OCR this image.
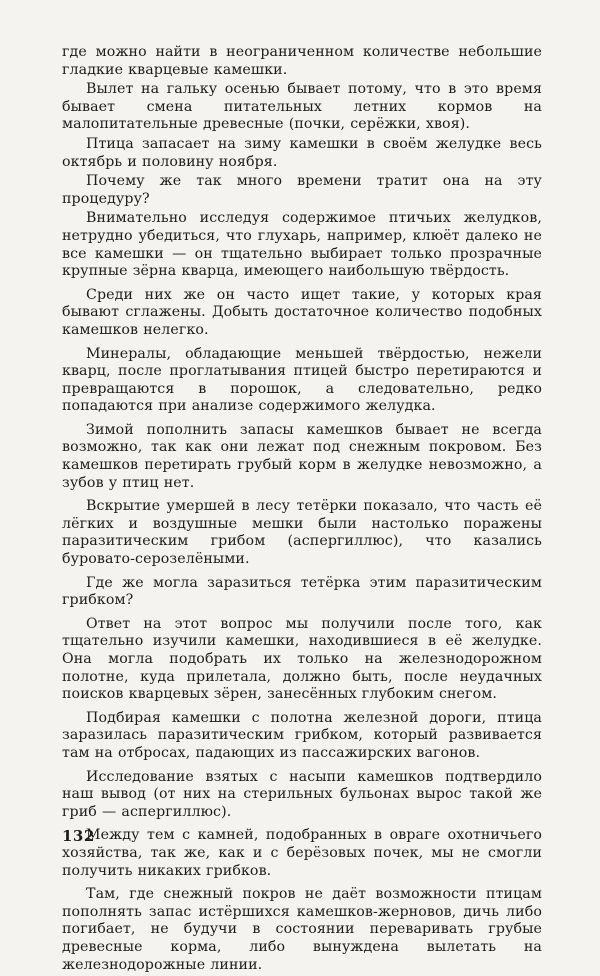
где можно найти в неограниченном количестве небольшие гладкие кварцевые камешки.

Вылет на гальку осенью бывает потому, что в это время бывает смена питательных летних кормов на малопитательные древесные (почки, серёжки, хвоя).

Птица запасает на зиму камешки в своём желудке весь октябрь и половину ноября.

Почему же так много времени тратит она на эту процедуру?

Внимательно исследуя содержимое птичьих желудков, нетрудно убедиться, что глухарь, например, клюёт далеко не все камешки — он тщательно выбирает только прозрачные крупные зёрна кварца, имеющего наибольшую твёрдость.

Среди них же он часто ищет такие, у которых края бывают сглажены. Добыть достаточное количество подобных камешков нелегко.

Минералы, обладающие меньшей твёрдостью, нежели кварц, после проглатывания птицей быстро перетираются и превращаются в порошок, а следовательно, редко попадаются при анализе содержимого желудка.

Зимой пополнить запасы камешков бывает не всегда возможно, так как они лежат под снежным покровом. Без камешков перетирать грубый корм в желудке невозможно, а зубов у птиц нет.

Вскрытие умершей в лесу тетёрки показало, что часть её лёгких и воздушные мешки были настолько поражены паразитическим грибом (аспергиллюс), что казались буровато-серозелёными.

Где же могла заразиться тетёрка этим паразитическим грибком?

Ответ на этот вопрос мы получили после того, как тщательно изучили камешки, находившиеся в её желудке. Она могла подобрать их только на железнодорожном полотне, куда прилетала, должно быть, после неудачных поисков кварцевых зёрен, занесённых глубоким снегом.

Подбирая камешки с полотна железной дороги, птица заразилась паразитическим грибком, который развивается там на отбросах, падающих из пассажирских вагонов.

Исследование взятых с насыпи камешков подтвердило наш вывод (от них на стерильных бульонах вырос такой же гриб — аспергиллюс).

Между тем с камней, подобранных в овраге охотничьего хозяйства, так же, как и с берёзовых почек, мы не смогли получить никаких грибков.

Там, где снежный покров не даёт возможности птицам пополнять запас истёршихся камешков-жерновов, дичь либо погибает, не будучи в состоянии переваривать грубые древесные корма, либо вынуждена вылетать на железнодорожные линии.

132
